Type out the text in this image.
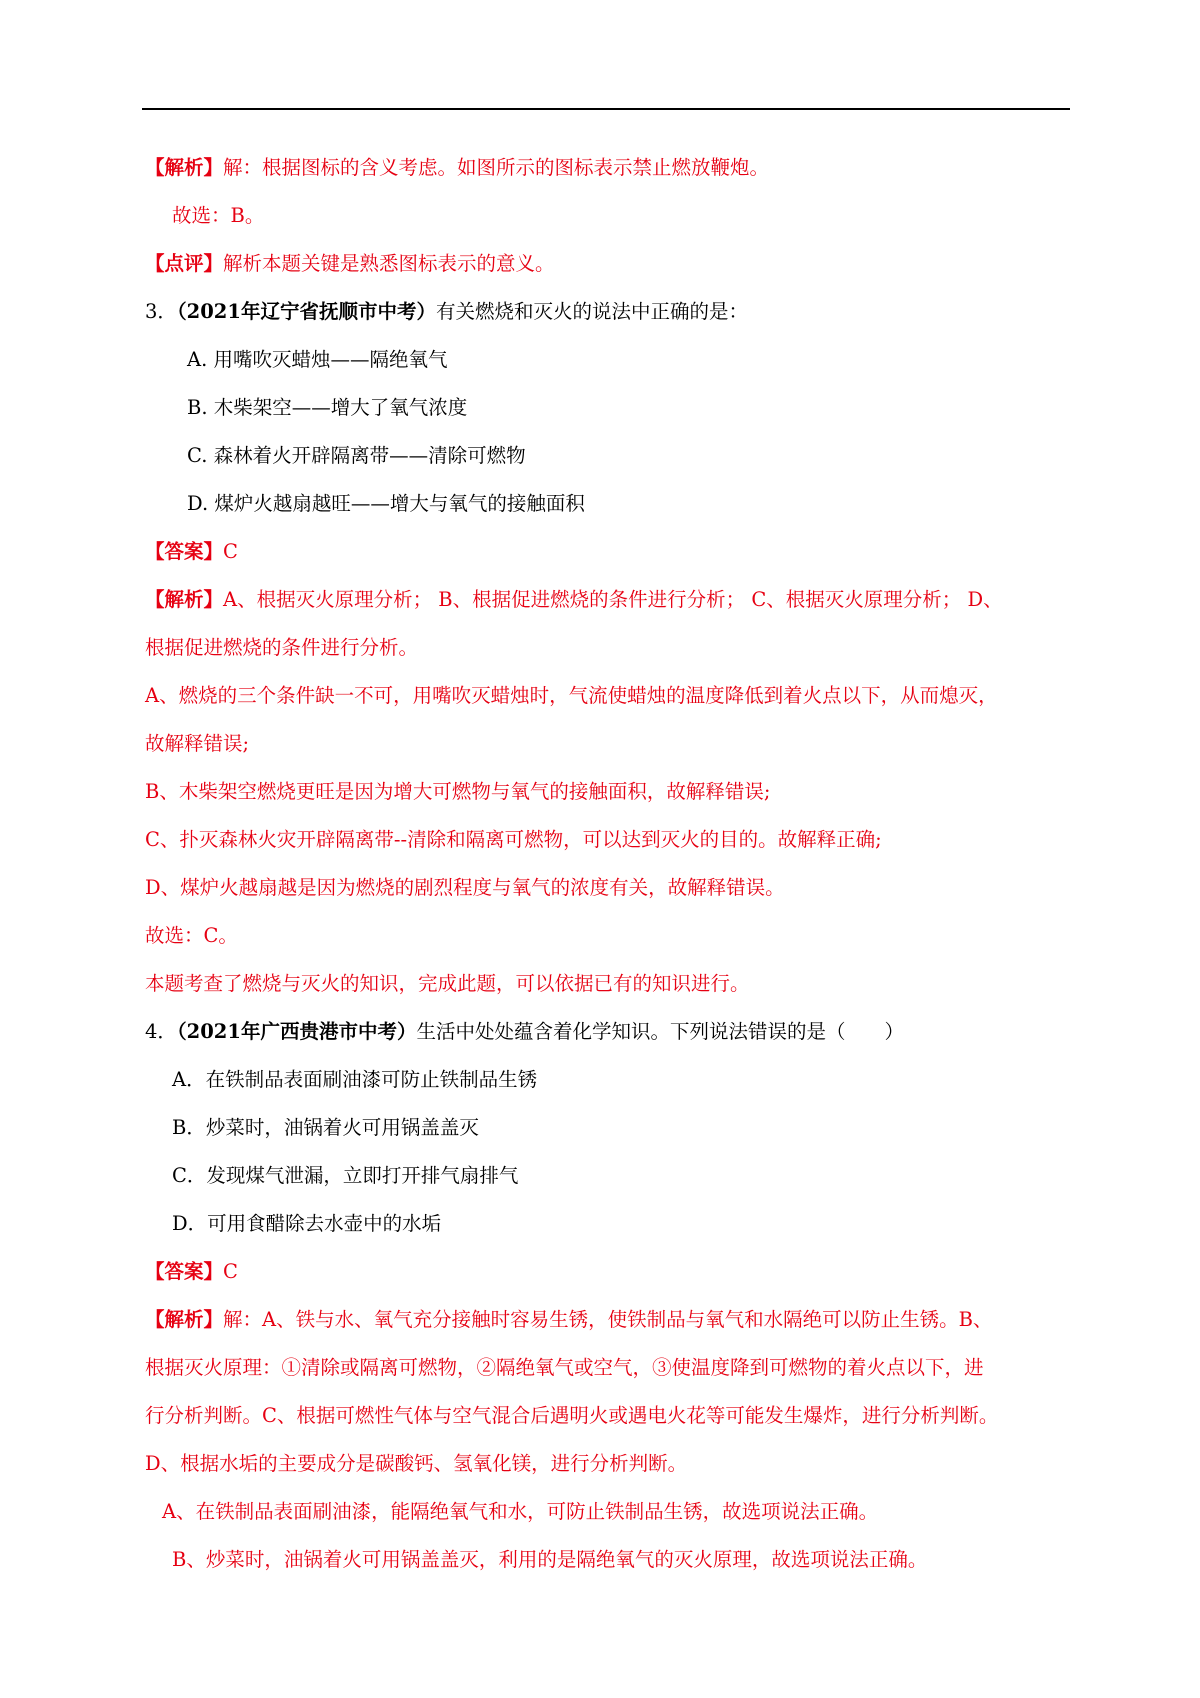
【解析】解：根据图标的含义考虑。如图所示的图标表示禁止燃放鞭炮。
故选：B。
【点评】解析本题关键是熟悉图标表示的意义。
3．（2021年辽宁省抚顺市中考）有关燃烧和灭火的说法中正确的是：
A. 用嘴吹灭蜡烛——隔绝氧气
B. 木柴架空——增大了氧气浓度
C. 森林着火开辟隔离带——清除可燃物
D. 煤炉火越扇越旺——增大与氧气的接触面积
【答案】C
【解析】A、根据灭火原理分析； B、根据促进燃烧的条件进行分析； C、根据灭火原理分析； D、
根据促进燃烧的条件进行分析。
A、燃烧的三个条件缺一不可，用嘴吹灭蜡烛时，气流使蜡烛的温度降低到着火点以下，从而熄灭，
故解释错误;
B、木柴架空燃烧更旺是因为增大可燃物与氧气的接触面积，故解释错误;
C、扑灭森林火灾开辟隔离带--清除和隔离可燃物，可以达到灭火的目的。故解释正确;
D、煤炉火越扇越是因为燃烧的剧烈程度与氧气的浓度有关，故解释错误。
故选：C。
本题考查了燃烧与灭火的知识，完成此题，可以依据已有的知识进行。
4．（2021年广西贵港市中考）生活中处处蕴含着化学知识。下列说法错误的是（　　）
A．在铁制品表面刷油漆可防止铁制品生锈
B．炒菜时，油锅着火可用锅盖盖灭
C．发现煤气泄漏，立即打开排气扇排气
D．可用食醋除去水壶中的水垢
【答案】C
【解析】解：A、铁与水、氧气充分接触时容易生锈，使铁制品与氧气和水隔绝可以防止生锈。B、
根据灭火原理：①清除或隔离可燃物，②隔绝氧气或空气，③使温度降到可燃物的着火点以下，进
行分析判断。C、根据可燃性气体与空气混合后遇明火或遇电火花等可能发生爆炸，进行分析判断。
D、根据水垢的主要成分是碳酸钙、氢氧化镁，进行分析判断。
A、在铁制品表面刷油漆，能隔绝氧气和水，可防止铁制品生锈，故选项说法正确。
B、炒菜时，油锅着火可用锅盖盖灭，利用的是隔绝氧气的灭火原理，故选项说法正确。
